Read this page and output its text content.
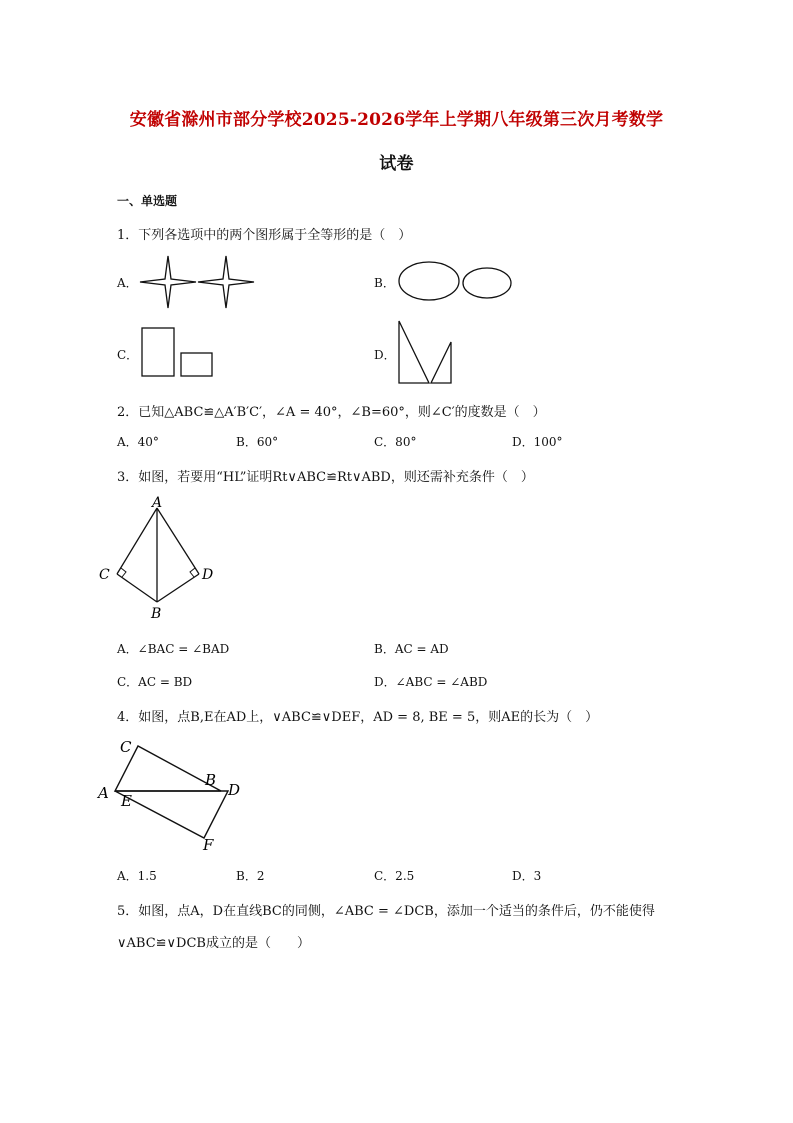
安徽省滁州市部分学校2025-2026学年上学期八年级第三次月考数学
试卷
一、单选题
1．下列各选项中的两个图形属于全等形的是（　）
A．	B．
C．	D．
2．已知△ABC≌△A′B′C′，∠A = 40°，∠B=60°，则∠C′的度数是（　）
A．40°	B．60°	C．80°	D．100°
3．如图，若要用“HL”证明Rt∨ABC≌Rt∨ABD，则还需补充条件（　）
A
C	D
B
A．∠BAC = ∠BAD	B．AC = AD
C．AC = BD	D．∠ABC = ∠ABD
4．如图，点B,E在AD上，∨ABC≌∨DEF，AD = 8, BE = 5，则AE的长为（　）
C
A E
B
D
F
A．1.5	B．2	C．2.5	D．3
5．如图，点A，D在直线BC的同侧，∠ABC = ∠DCB，添加一个适当的条件后，仍不能使得
∨ABC≌∨DCB成立的是（　　）
